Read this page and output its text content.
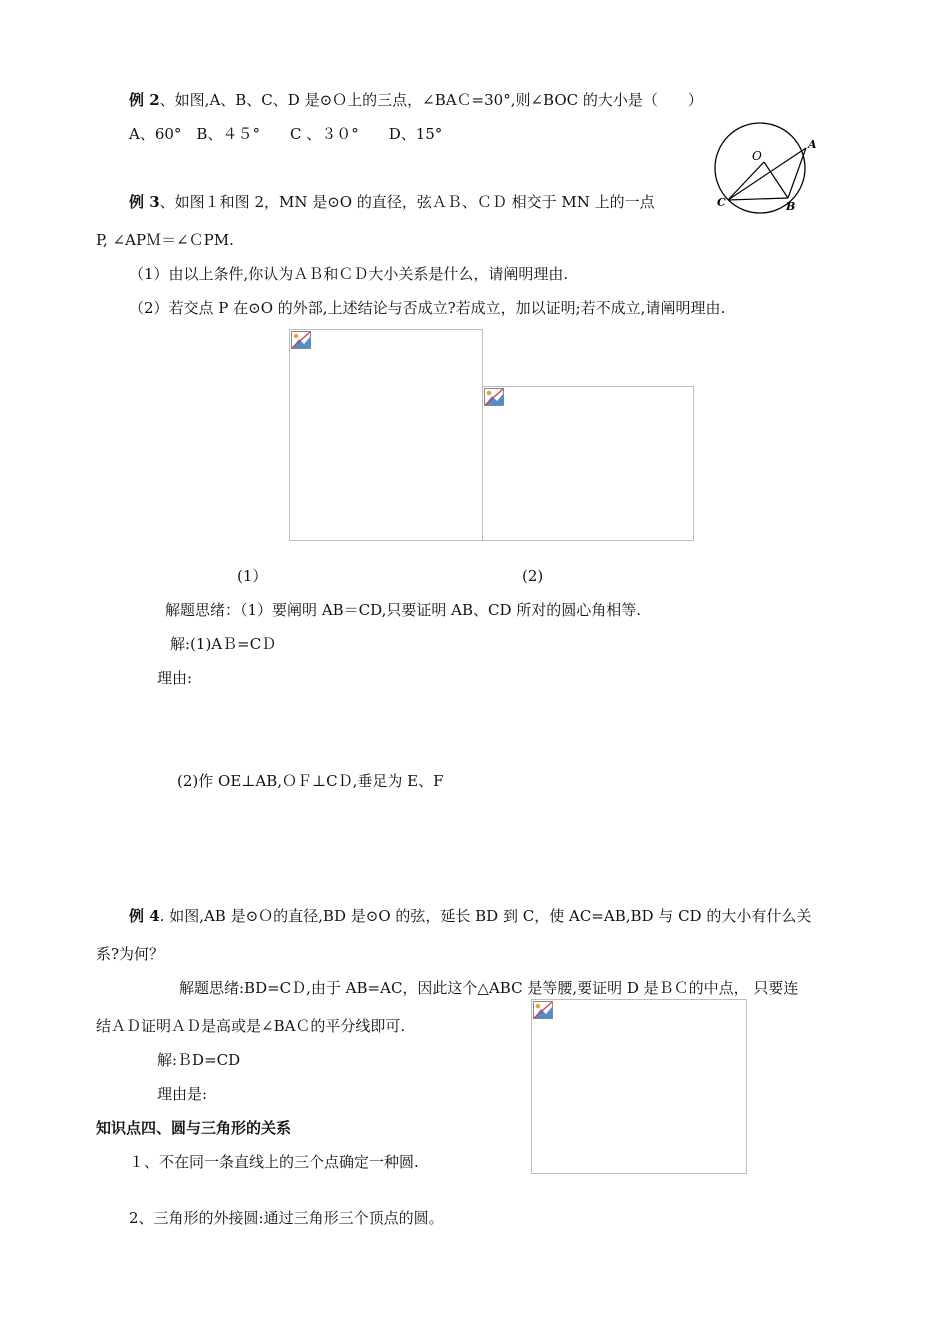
例 2、如图,A、B、C、D 是⊙Ｏ上的三点，∠BAＣ=30°,则∠BOC 的大小是（　　）
A、60°　B、４５°　　C 、３０°　　D、15°
O
A
C	B
例 3、如图１和图 2，MN 是⊙O 的直径，弦ＡＢ、ＣＤ 相交于 MN 上的一点
P, ∠APＭ＝∠ＣPM.
（1）由以上条件,你认为ＡＢ和ＣＤ大小关系是什么，请阐明理由.
（2）若交点 P 在⊙O 的外部,上述结论与否成立?若成立，加以证明;若不成立,请阐明理由.
(1）	(2)
解题思绪：（1）要阐明 AB＝CD,只要证明 AB、CD 所对的圆心角相等.
解:(1)AＢ=CＤ
理由:
(2)作 OE⊥AB,ＯＦ⊥CＤ,垂足为 E、F
例 4. 如图,AB 是⊙Ｏ的直径,BD 是⊙O 的弦，延长 BD 到 C，使 AC=AB,BD 与 CD 的大小有什么关
系?为何？
解题思绪:BD=CＤ,由于 AB=AC，因此这个△ABC 是等腰,要证明 D 是ＢＣ的中点， 只要连
结ＡＤ证明ＡＤ是高或是∠BAＣ的平分线即可.
解:ＢD=CD
理由是:
知识点四、圆与三角形的关系
１、不在同一条直线上的三个点确定一种圆.
2、三角形的外接圆:通过三角形三个顶点的圆。
